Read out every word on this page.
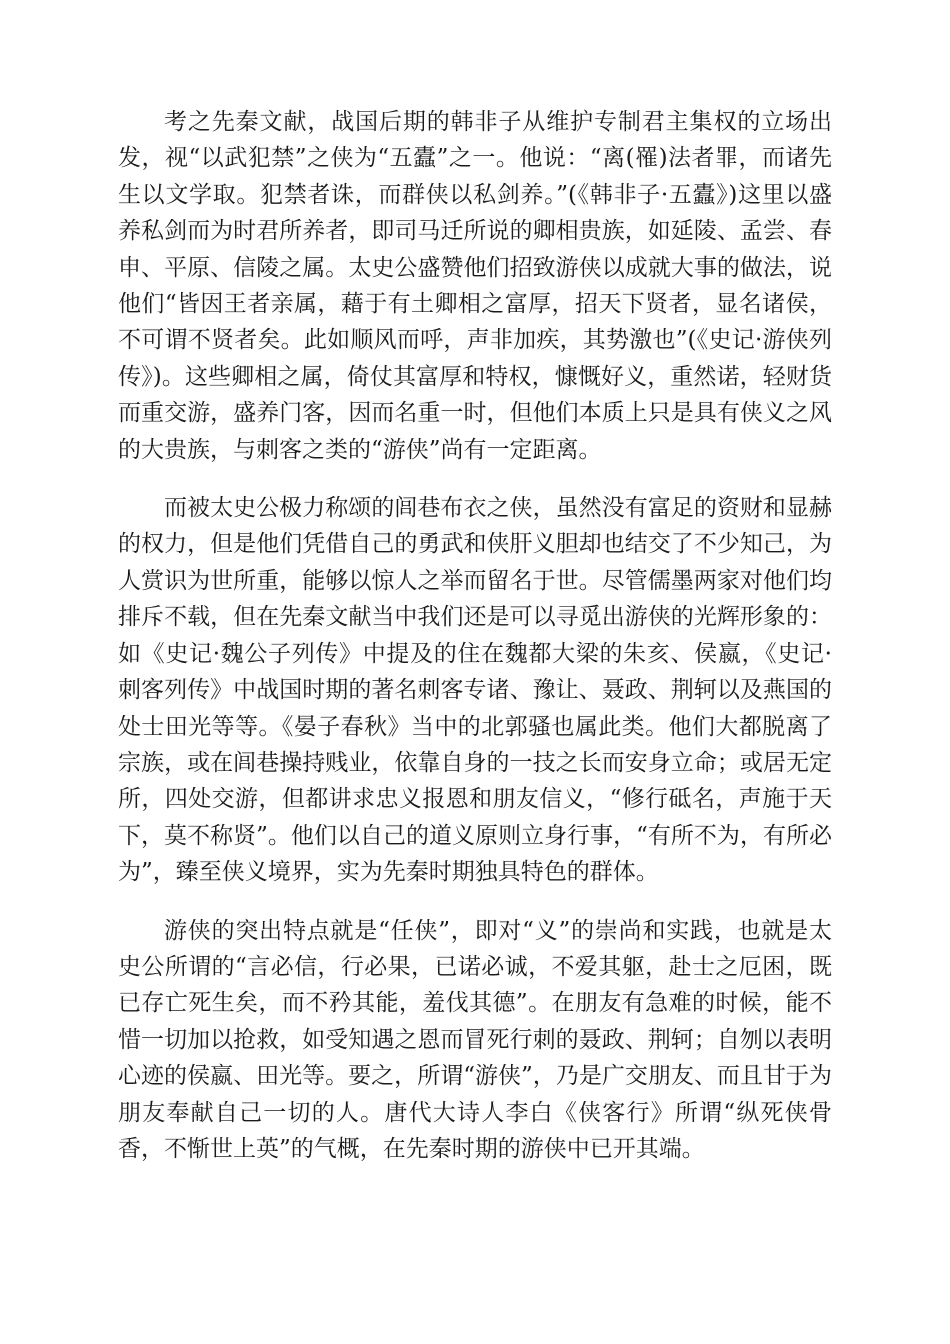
考之先秦文献，战国后期的韩非子从维护专制君主集权的立场出发，视“以武犯禁”之侠为“五蠹”之一。他说：“离(罹)法者罪，而诸先生以文学取。犯禁者诛，而群侠以私剑养。”(《韩非子·五蠹》)这里以盛养私剑而为时君所养者，即司马迁所说的卿相贵族，如延陵、孟尝、春申、平原、信陵之属。太史公盛赞他们招致游侠以成就大事的做法，说他们“皆因王者亲属，藉于有土卿相之富厚，招天下贤者，显名诸侯，不可谓不贤者矣。此如顺风而呼，声非加疾，其势激也”(《史记·游侠列传》)。这些卿相之属，倚仗其富厚和特权，慷慨好义，重然诺，轻财货而重交游，盛养门客，因而名重一时，但他们本质上只是具有侠义之风的大贵族，与刺客之类的“游侠”尚有一定距离。

而被太史公极力称颂的闾巷布衣之侠，虽然没有富足的资财和显赫的权力，但是他们凭借自己的勇武和侠肝义胆却也结交了不少知己，为人赏识为世所重，能够以惊人之举而留名于世。尽管儒墨两家对他们均排斥不载，但在先秦文献当中我们还是可以寻觅出游侠的光辉形象的：如《史记·魏公子列传》中提及的住在魏都大梁的朱亥、侯嬴，《史记·刺客列传》中战国时期的著名刺客专诸、豫让、聂政、荆轲以及燕国的处士田光等等。《晏子春秋》当中的北郭骚也属此类。他们大都脱离了宗族，或在闾巷操持贱业，依靠自身的一技之长而安身立命；或居无定所，四处交游，但都讲求忠义报恩和朋友信义，“修行砥名，声施于天下，莫不称贤”。他们以自己的道义原则立身行事，“有所不为，有所必为”，臻至侠义境界，实为先秦时期独具特色的群体。

游侠的突出特点就是“任侠”，即对“义”的崇尚和实践，也就是太史公所谓的“言必信，行必果，已诺必诚，不爱其躯，赴士之厄困，既已存亡死生矣，而不矜其能，羞伐其德”。在朋友有急难的时候，能不惜一切加以抢救，如受知遇之恩而冒死行刺的聂政、荆轲；自刎以表明心迹的侯嬴、田光等。要之，所谓“游侠”，乃是广交朋友、而且甘于为朋友奉献自己一切的人。唐代大诗人李白《侠客行》所谓“纵死侠骨香，不惭世上英”的气概，在先秦时期的游侠中已开其端。
